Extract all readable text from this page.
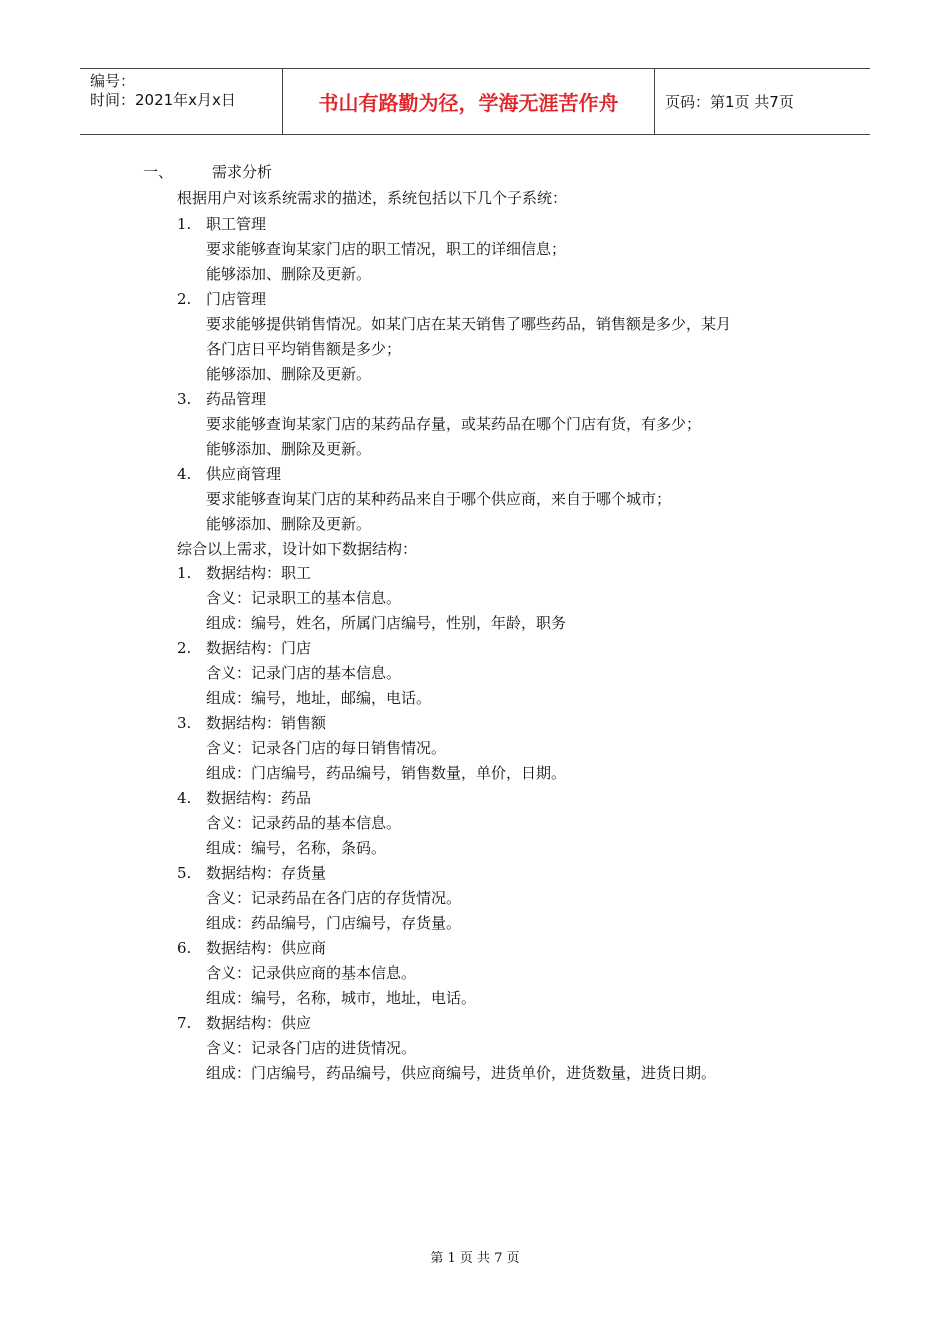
编号：
时间：2021年x月x日	书山有路勤为径，学海无涯苦作舟	页码：第1页 共7页
一、	需求分析
根据用户对该系统需求的描述，系统包括以下几个子系统：
1. 职工管理
要求能够查询某家门店的职工情况，职工的详细信息；
能够添加、删除及更新。
2. 门店管理
要求能够提供销售情况。如某门店在某天销售了哪些药品，销售额是多少，某月
各门店日平均销售额是多少；
能够添加、删除及更新。
3. 药品管理
要求能够查询某家门店的某药品存量，或某药品在哪个门店有货，有多少；
能够添加、删除及更新。
4. 供应商管理
要求能够查询某门店的某种药品来自于哪个供应商，来自于哪个城市；
能够添加、删除及更新。
综合以上需求，设计如下数据结构：
1. 数据结构：职工
含义：记录职工的基本信息。
组成：编号，姓名，所属门店编号，性别，年龄，职务
2. 数据结构：门店
含义：记录门店的基本信息。
组成：编号，地址，邮编，电话。
3. 数据结构：销售额
含义：记录各门店的每日销售情况。
组成：门店编号，药品编号，销售数量，单价，日期。
4. 数据结构：药品
含义：记录药品的基本信息。
组成：编号，名称，条码。
5. 数据结构：存货量
含义：记录药品在各门店的存货情况。
组成：药品编号，门店编号，存货量。
6. 数据结构：供应商
含义：记录供应商的基本信息。
组成：编号，名称，城市，地址，电话。
7. 数据结构：供应
含义：记录各门店的进货情况。
组成：门店编号，药品编号，供应商编号，进货单价，进货数量，进货日期。
第 1 页 共 7 页
